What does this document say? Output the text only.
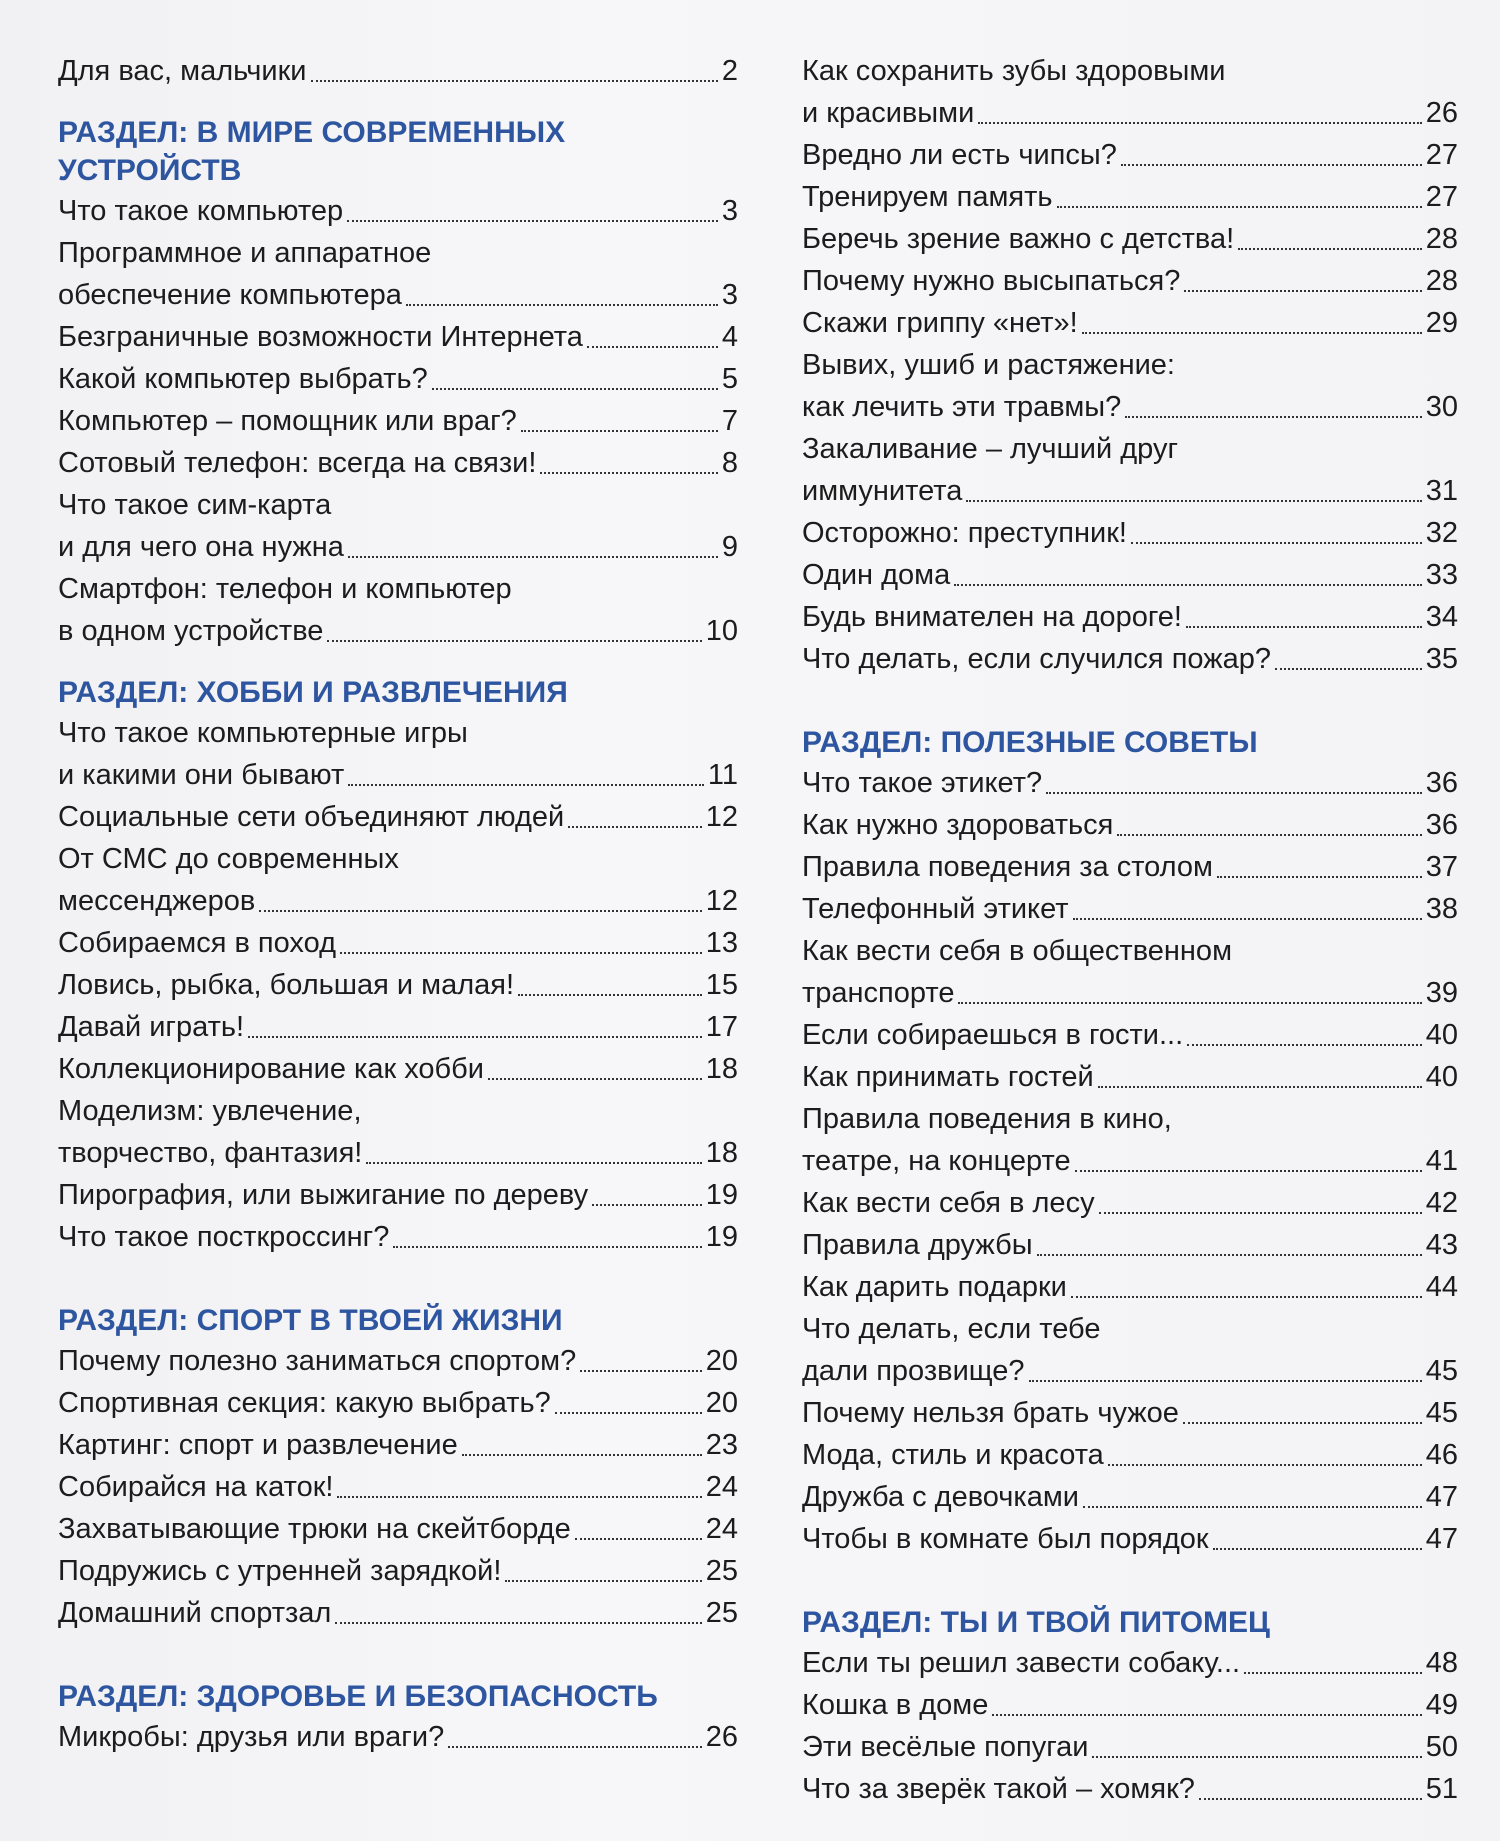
Для вас, мальчики	2
РАЗДЕЛ: В МИРЕ СОВРЕМЕННЫХ УСТРОЙСТВ
Что такое компьютер	3
Программное и аппаратное
обеспечение компьютера	3
Безграничные возможности Интернета	4
Какой компьютер выбрать?	5
Компьютер – помощник или враг?	7
Сотовый телефон: всегда на связи!	8
Что такое сим-карта
и для чего она нужна	9
Смартфон: телефон и компьютер
в одном устройстве	10
РАЗДЕЛ: ХОББИ И РАЗВЛЕЧЕНИЯ
Что такое компьютерные игры
и какими они бывают	11
Социальные сети объединяют людей	12
От СМС до современных
мессенджеров	12
Собираемся в поход	13
Ловись, рыбка, большая и малая!	15
Давай играть!	17
Коллекционирование как хобби	18
Моделизм: увлечение,
творчество, фантазия!	18
Пирография, или выжигание по дереву	19
Что такое посткроссинг?	19
РАЗДЕЛ: СПОРТ В ТВОЕЙ ЖИЗНИ
Почему полезно заниматься спортом?	20
Спортивная секция: какую выбрать?	20
Картинг: спорт и развлечение	23
Собирайся на каток!	24
Захватывающие трюки на скейтборде	24
Подружись с утренней зарядкой!	25
Домашний спортзал	25
РАЗДЕЛ: ЗДОРОВЬЕ И БЕЗОПАСНОСТЬ
Микробы: друзья или враги?	26
Как сохранить зубы здоровыми
и красивыми	26
Вредно ли есть чипсы?	27
Тренируем память	27
Беречь зрение важно с детства!	28
Почему нужно высыпаться?	28
Скажи гриппу «нет»!	29
Вывих, ушиб и растяжение:
как лечить эти травмы?	30
Закаливание – лучший друг
иммунитета	31
Осторожно: преступник!	32
Один дома	33
Будь внимателен на дороге!	34
Что делать, если случился пожар?	35
РАЗДЕЛ: ПОЛЕЗНЫЕ СОВЕТЫ
Что такое этикет?	36
Как нужно здороваться	36
Правила поведения за столом	37
Телефонный этикет	38
Как вести себя в общественном
транспорте	39
Если собираешься в гости...	40
Как принимать гостей	40
Правила поведения в кино,
театре, на концерте	41
Как вести себя в лесу	42
Правила дружбы	43
Как дарить подарки	44
Что делать, если тебе
дали прозвище?	45
Почему нельзя брать чужое	45
Мода, стиль и красота	46
Дружба с девочками	47
Чтобы в комнате был порядок	47
РАЗДЕЛ: ТЫ И ТВОЙ ПИТОМЕЦ
Если ты решил завести собаку...	48
Кошка в доме	49
Эти весёлые попугаи	50
Что за зверёк такой – хомяк?	51
